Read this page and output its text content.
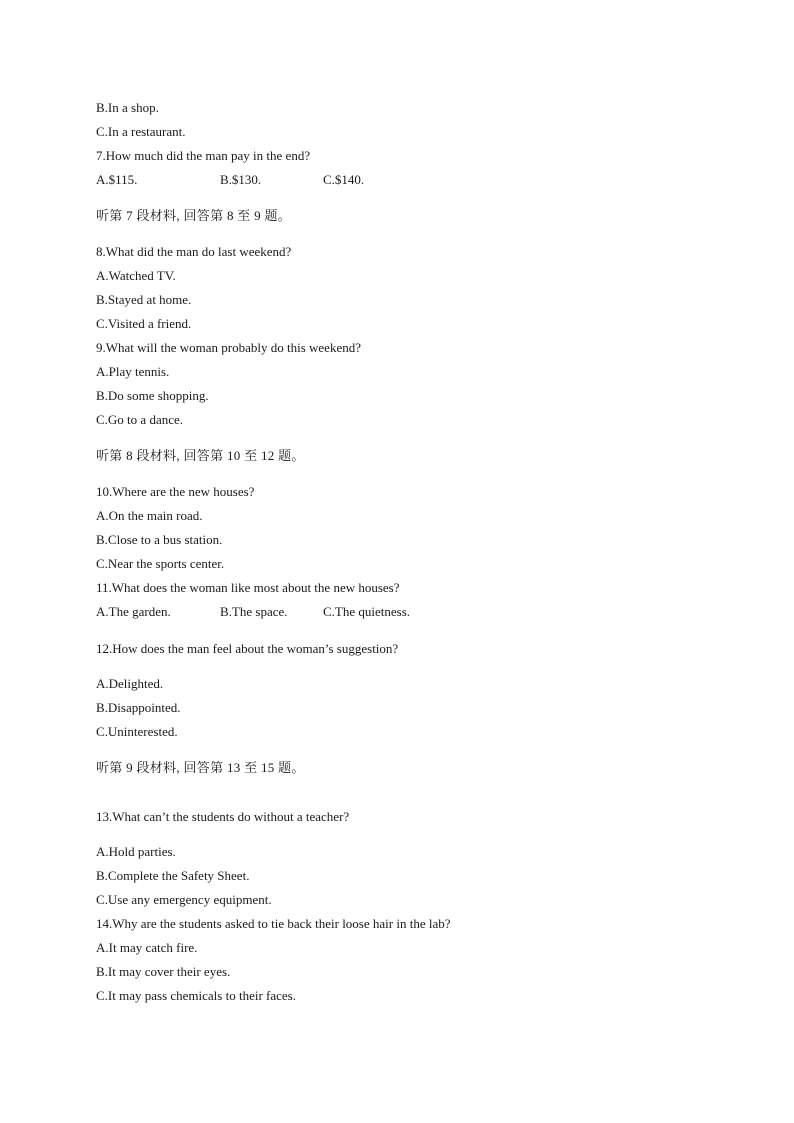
B.In a shop.
C.In a restaurant.
7.How much did the man pay in the end?
A.$115.	B.$130.	C.$140.
听第 7 段材料, 回答第 8 至 9 题。
8.What did the man do last weekend?
A.Watched TV.
B.Stayed at home.
C.Visited a friend.
9.What will the woman probably do this weekend?
A.Play tennis.
B.Do some shopping.
C.Go to a dance.
听第 8 段材料, 回答第 10 至 12 题。
10.Where are the new houses?
A.On the main road.
B.Close to a bus station.
C.Near the sports center.
11.What does the woman like most about the new houses?
A.The garden.	B.The space.	C.The quietness.
12.How does the man feel about the woman’s suggestion?
A.Delighted.
B.Disappointed.
C.Uninterested.
听第 9 段材料, 回答第 13 至 15 题。
13.What can’t the students do without a teacher?
A.Hold parties.
B.Complete the Safety Sheet.
C.Use any emergency equipment.
14.Why are the students asked to tie back their loose hair in the lab?
A.It may catch fire.
B.It may cover their eyes.
C.It may pass chemicals to their faces.
